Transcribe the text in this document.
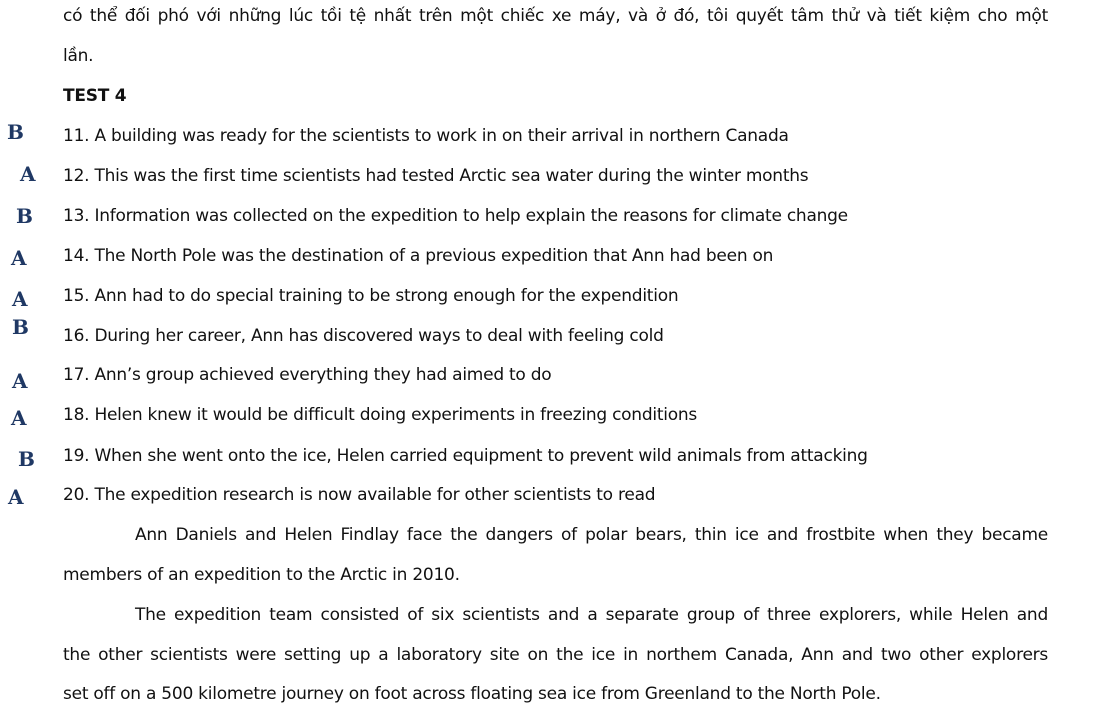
có thể đối phó với những lúc tồi tệ nhất trên một chiếc xe máy, và ở đó, tôi quyết tâm thử và tiết kiệm cho một
lần.
TEST 4
B
A
B
A
A
B
A
A
B
A
11. A building was ready for the scientists to work in on their arrival in northern Canada
12. This was the first time scientists had tested Arctic sea water during the winter months
13. Information was collected on the expedition to help explain the reasons for climate change
14. The North Pole was the destination of a previous expedition that Ann had been on
15. Ann had to do special training to be strong enough for the expendition
16. During her career, Ann has discovered ways to deal with feeling cold
17. Ann’s group achieved everything they had aimed to do
18. Helen knew it would be difficult doing experiments in freezing conditions
19. When she went onto the ice, Helen carried equipment to prevent wild animals from attacking
20. The expedition research is now available for other scientists to read
Ann Daniels and Helen Findlay face the dangers of polar bears, thin ice and frostbite when they became
members of an expedition to the Arctic in 2010.
The expedition team consisted of six scientists and a separate group of three explorers, while Helen and
the other scientists were setting up a laboratory site on the ice in northem Canada, Ann and two other explorers
set off on a 500 kilometre journey on foot across floating sea ice from Greenland to the North Pole.
